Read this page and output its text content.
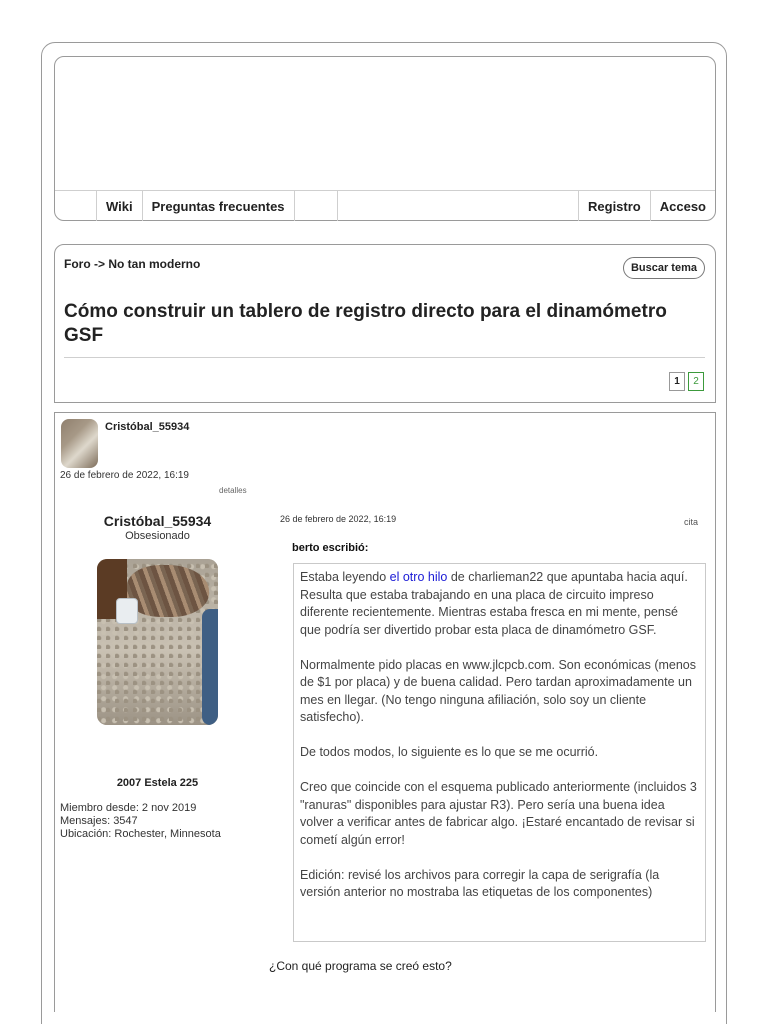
Wiki	Preguntas frecuentes	Registro	Acceso
Foro -> No tan moderno	Buscar tema
Cómo construir un tablero de registro directo para el dinamómetro GSF
1	2
Cristóbal_55934
26 de febrero de 2022, 16:19
detalles
Cristóbal_55934
Obsesionado
2007 Estela 225
Miembro desde: 2 nov 2019
Mensajes: 3547
Ubicación: Rochester, Minnesota
26 de febrero de 2022, 16:19	cita
berto escribió:

Estaba leyendo el otro hilo de charlieman22 que apuntaba hacia aquí. Resulta que estaba trabajando en una placa de circuito impreso diferente recientemente. Mientras estaba fresca en mi mente, pensé que podría ser divertido probar esta placa de dinamómetro GSF.

Normalmente pido placas en www.jlcpcb.com. Son económicas (menos de $1 por placa) y de buena calidad. Pero tardan aproximadamente un mes en llegar. (No tengo ninguna afiliación, solo soy un cliente satisfecho).

De todos modos, lo siguiente es lo que se me ocurrió.

Creo que coincide con el esquema publicado anteriormente (incluidos 3 "ranuras" disponibles para ajustar R3). Pero sería una buena idea volver a verificar antes de fabricar algo. ¡Estaré encantado de revisar si cometí algún error!

Edición: revisé los archivos para corregir la capa de serigrafía (la versión anterior no mostraba las etiquetas de los componentes)

¿Con qué programa se creó esto?
